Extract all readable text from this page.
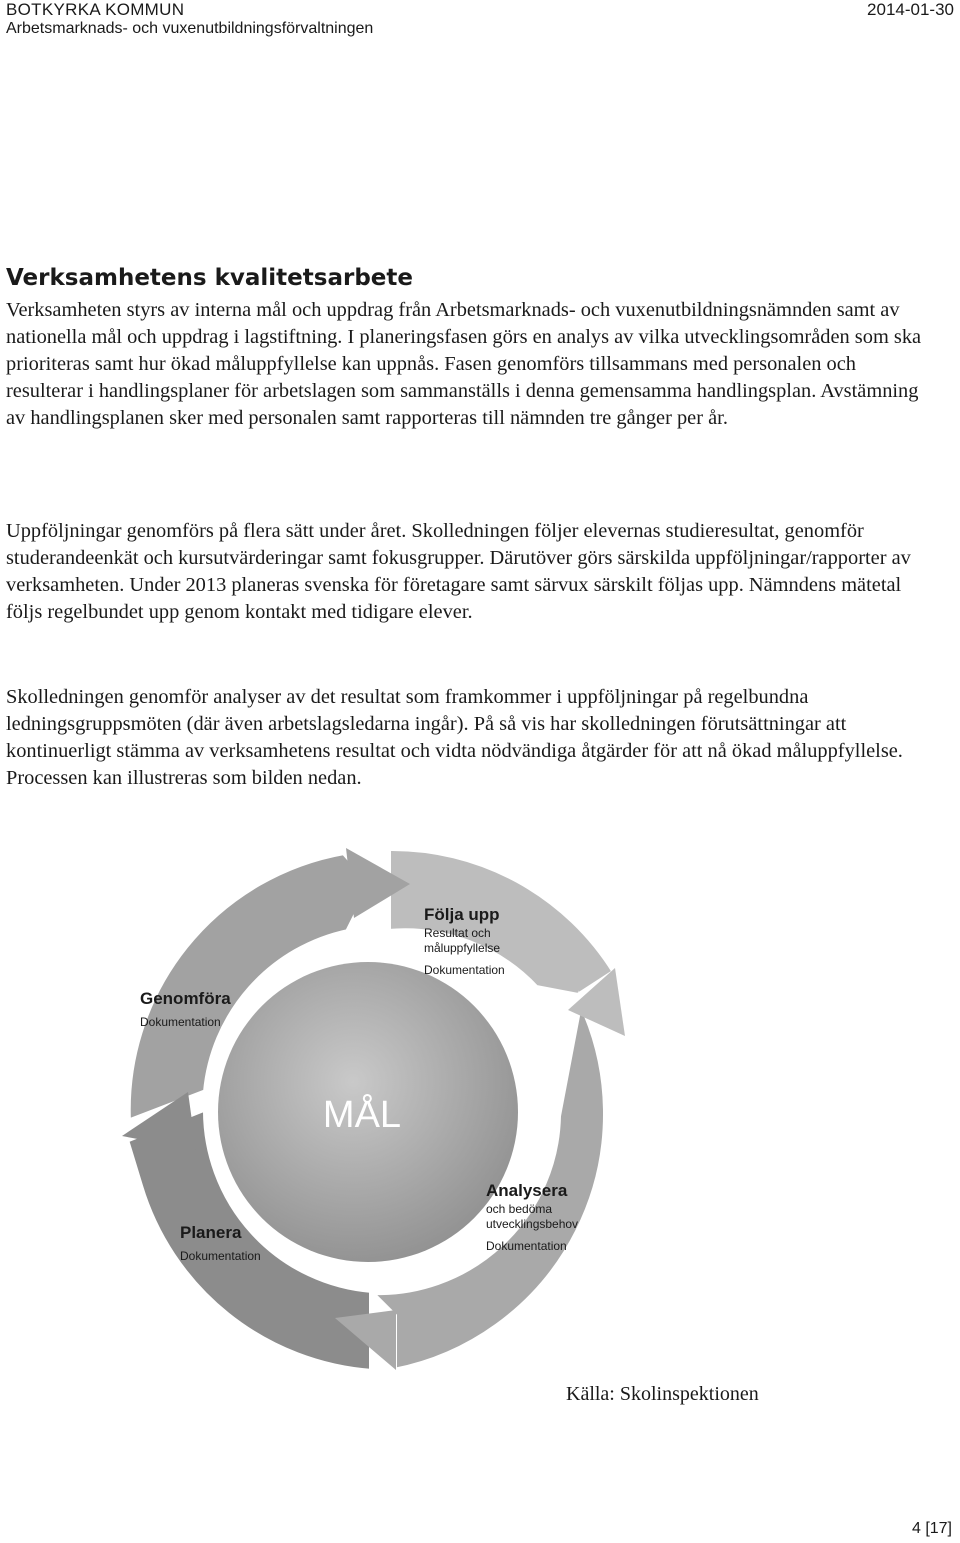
BOTKYRKA KOMMUN
Arbetsmarknads- och vuxenutbildningsförvaltningen
2014-01-30
Verksamhetens kvalitetsarbete

Verksamheten styrs av interna mål och uppdrag från Arbetsmarknads- och vuxenutbildningsnämnden samt av nationella mål och uppdrag i lagstiftning. I planeringsfasen görs en analys av vilka utvecklingsområden som ska prioriteras samt hur ökad måluppfyllelse kan uppnås. Fasen genomförs tillsammans med personalen och resulterar i handlingsplaner för arbetslagen som sammanställs i denna gemensamma handlingsplan. Avstämning av handlingsplanen sker med personalen samt rapporteras till nämnden tre gånger per år.

Uppföljningar genomförs på flera sätt under året. Skolledningen följer elevernas studieresultat, genomför studerandeenkät och kursutvärderingar samt fokusgrupper. Därutöver görs särskilda uppföljningar/rapporter av verksamheten. Under 2013 planeras svenska för företagare samt särvux särskilt följas upp. Nämndens mätetal följs regelbundet upp genom kontakt med tidigare elever.

Skolledningen genomför analyser av det resultat som framkommer i uppföljningar på regelbundna ledningsgruppsmöten (där även arbetslagsledarna ingår). På så vis har skolledningen förutsättningar att kontinuerligt stämma av verksamhetens resultat och vidta nödvändiga åtgärder för att nå ökad måluppfyllelse. Processen kan illustreras som bilden nedan.

MÅL
Följa upp
Resultat och
måluppfyllelse
Dokumentation
Analysera
och bedöma
utvecklingsbehov
Dokumentation
Planera
Dokumentation
Genomföra
Dokumentation
Källa: Skolinspektionen
4 [17]
